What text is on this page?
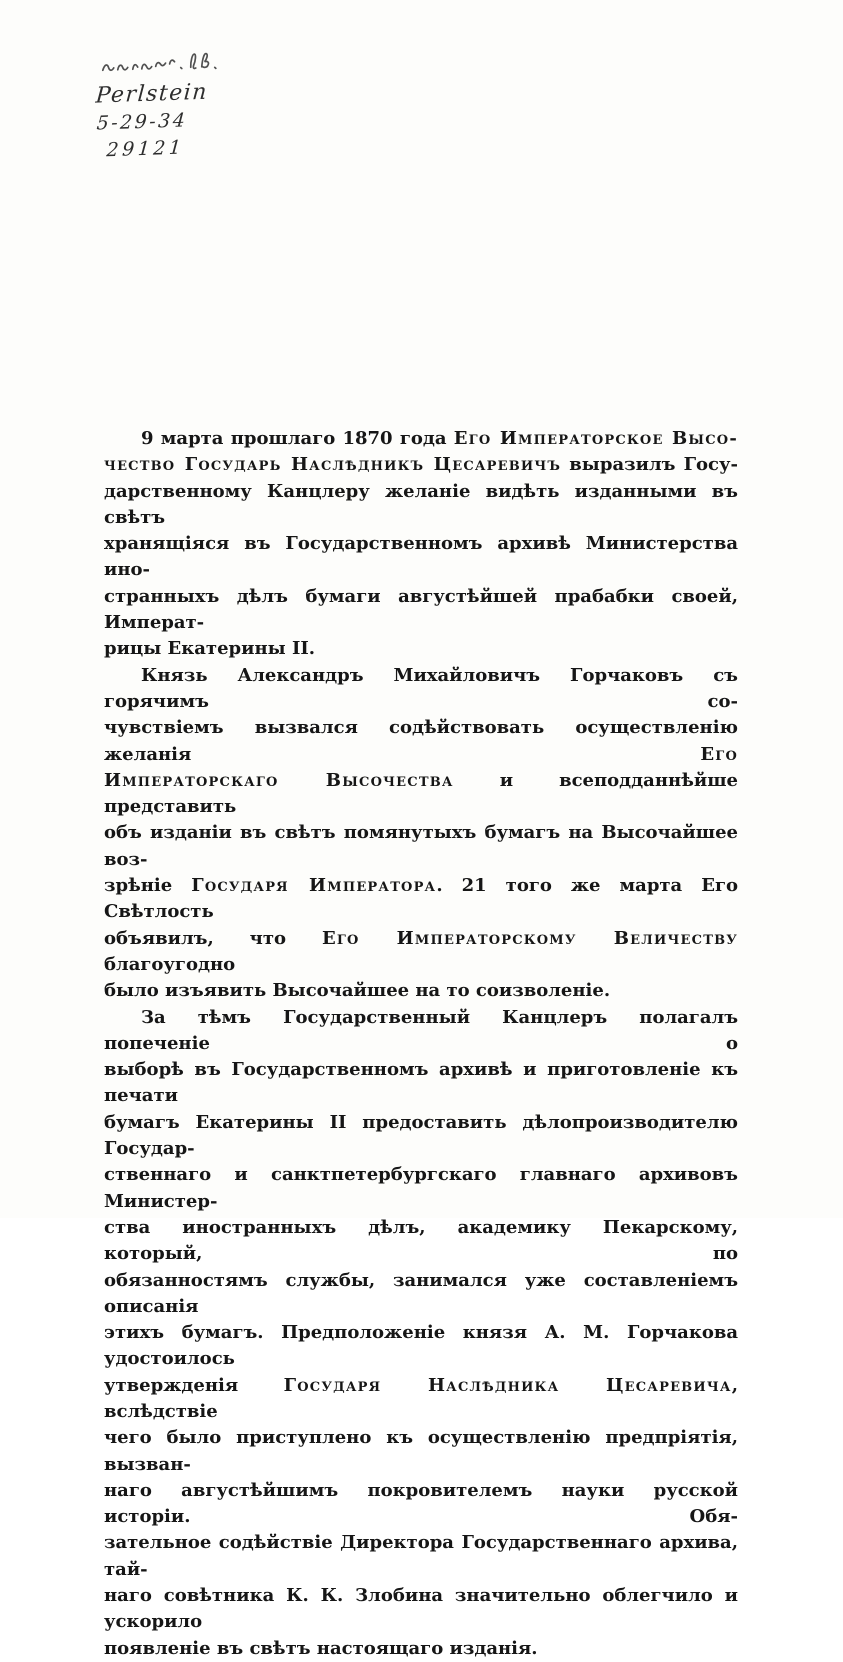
Perlstein
5-29-34
29121
9 марта прошлаго 1870 года Его Императорское Высо-
чество Государь Наслѣдникъ Цесаревичъ выразилъ Госу-
дарственному Канцлеру желаніе видѣть изданными въ свѣтъ
хранящіяся въ Государственномъ архивѣ Министерства ино-
странныхъ дѣлъ бумаги августѣйшей прабабки своей, Императ-
рицы Екатерины II.
Князь Александръ Михайловичъ Горчаковъ съ горячимъ со-
чувствіемъ вызвался содѣйствовать осуществленію желанія Его
Императорскаго Высочества и всеподданнѣйше представить
объ изданіи въ свѣтъ помянутыхъ бумагъ на Высочайшее воз-
зрѣніе Государя Императора. 21 того же марта Его Свѣтлость
объявилъ, что Его Императорскому Величеству благоугодно
было изъявить Высочайшее на то соизволеніе.
За тѣмъ Государственный Канцлеръ полагалъ попеченіе о
выборѣ въ Государственномъ архивѣ и приготовленіе къ печати
бумагъ Екатерины II предоставить дѣлопроизводителю Государ-
ственнаго и санктпетербургскаго главнаго архивовъ Министер-
ства иностранныхъ дѣлъ, академику Пекарскому, который, по
обязанностямъ службы, занимался уже составленіемъ описанія
этихъ бумагъ. Предположеніе князя А. М. Горчакова удостоилось
утвержденія Государя Наслѣдника Цесаревича, вслѣдствіе
чего было приступлено къ осуществленію предпріятія, вызван-
наго августѣйшимъ покровителемъ науки русской исторіи. Обя-
зательное содѣйствіе Директора Государственнаго архива, тай-
наго совѣтника К. К. Злобина значительно облегчило и ускорило
появленіе въ свѣтъ настоящаго изданія.
